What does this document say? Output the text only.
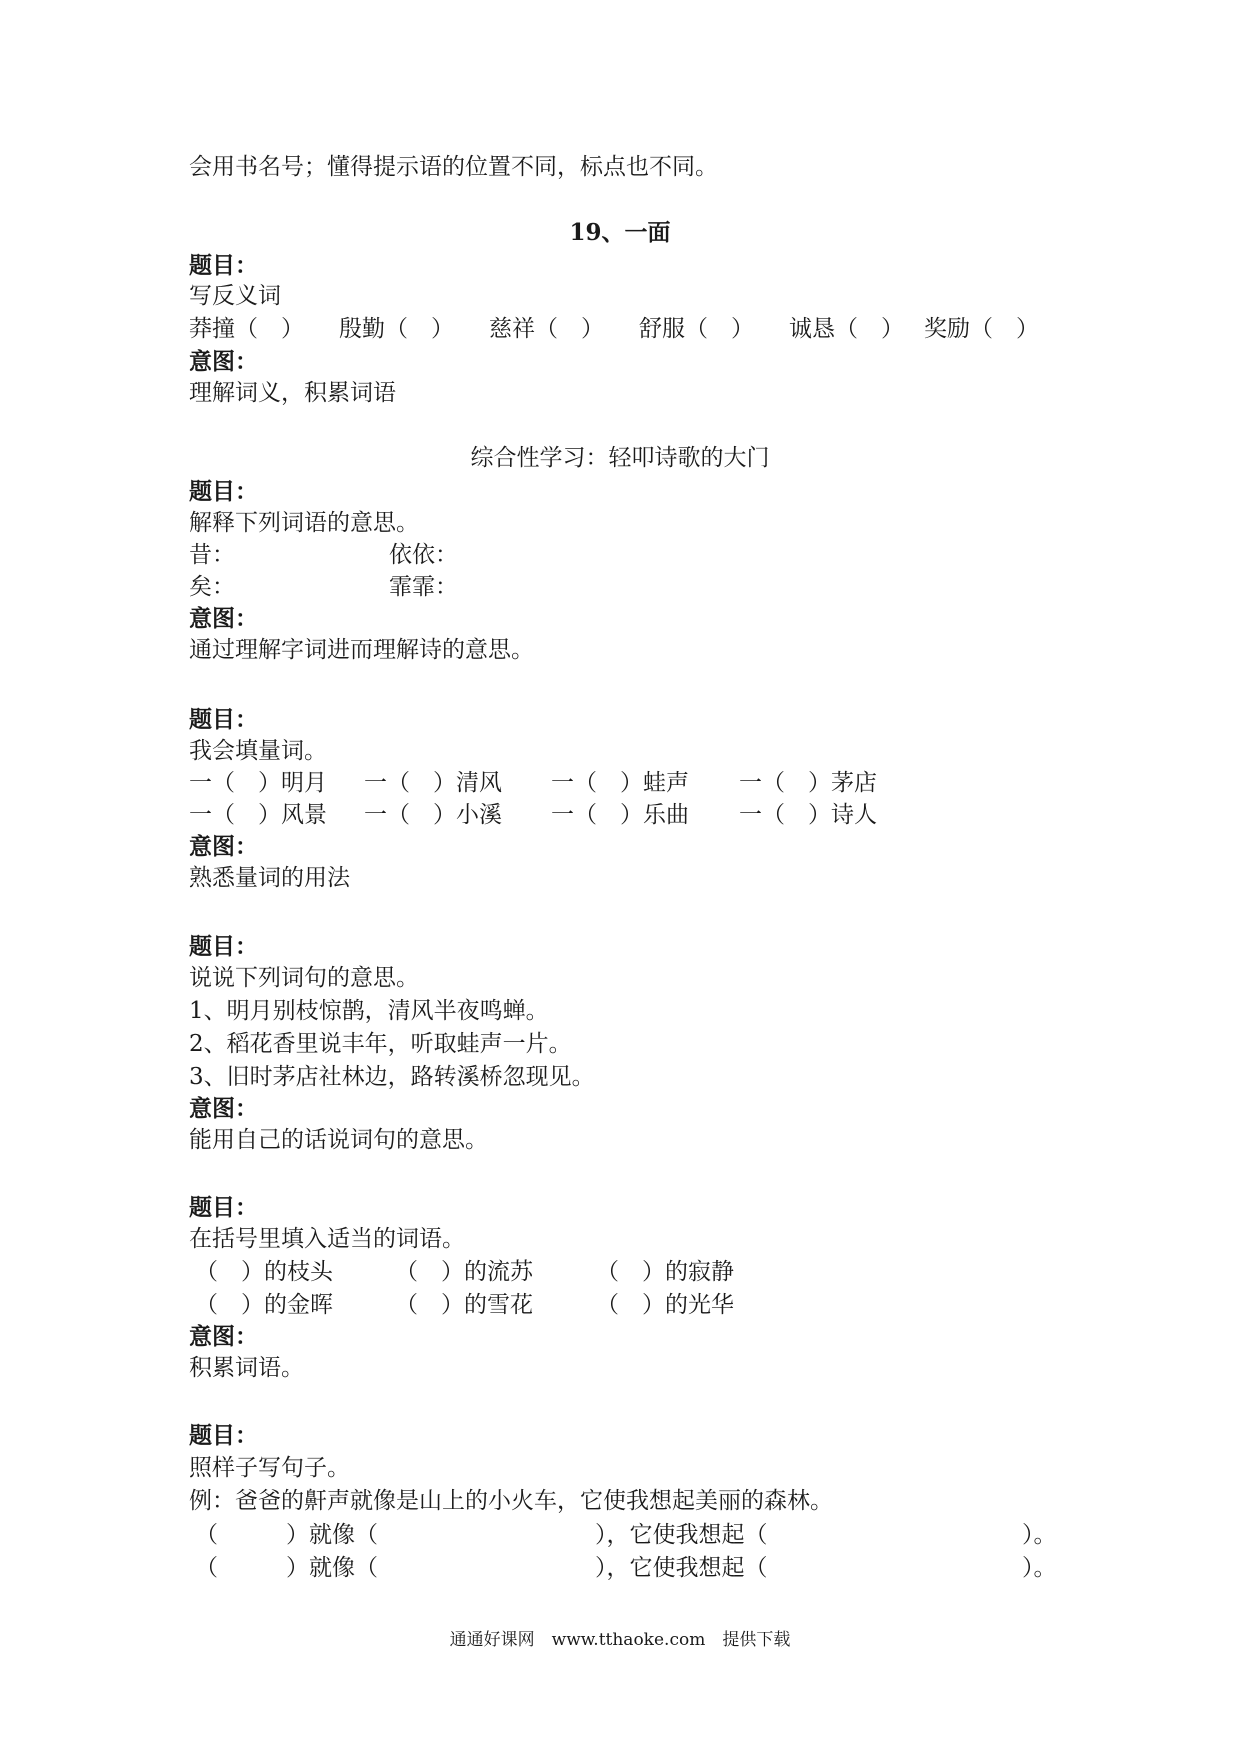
会用书名号；懂得提示语的位置不同，标点也不同。
19、一面
题目：
写反义词
莽撞（　） 殷勤（　） 慈祥（　） 舒服（　） 诚恳（　） 奖励（　）
意图：
理解词义，积累词语
综合性学习：轻叩诗歌的大门
题目：
解释下列词语的意思。
昔：	依依：
矣：	霏霏：
意图：
通过理解字词进而理解诗的意思。
题目：
我会填量词。
一（　）明月 一（　）清风 一（　）蛙声 一（　）茅店
一（　）风景 一（　）小溪 一（　）乐曲 一（　）诗人
意图：
熟悉量词的用法
题目：
说说下列词句的意思。
1、明月别枝惊鹊，清风半夜鸣蝉。
2、稻花香里说丰年，听取蛙声一片。
3、旧时茅店社林边，路转溪桥忽现见。
意图：
能用自己的话说词句的意思。
题目：
在括号里填入适当的词语。
（　）的枝头	（　）的流苏	（　）的寂静
（　）的金晖	（　）的雪花	（　）的光华
意图：
积累词语。
题目：
照样子写句子。
例：爸爸的鼾声就像是山上的小火车，它使我想起美丽的森林。
（	）就像（	），它使我想起（	）。
（	）就像（	），它使我想起（	）。
通通好课网　www.tthaoke.com　提供下载
